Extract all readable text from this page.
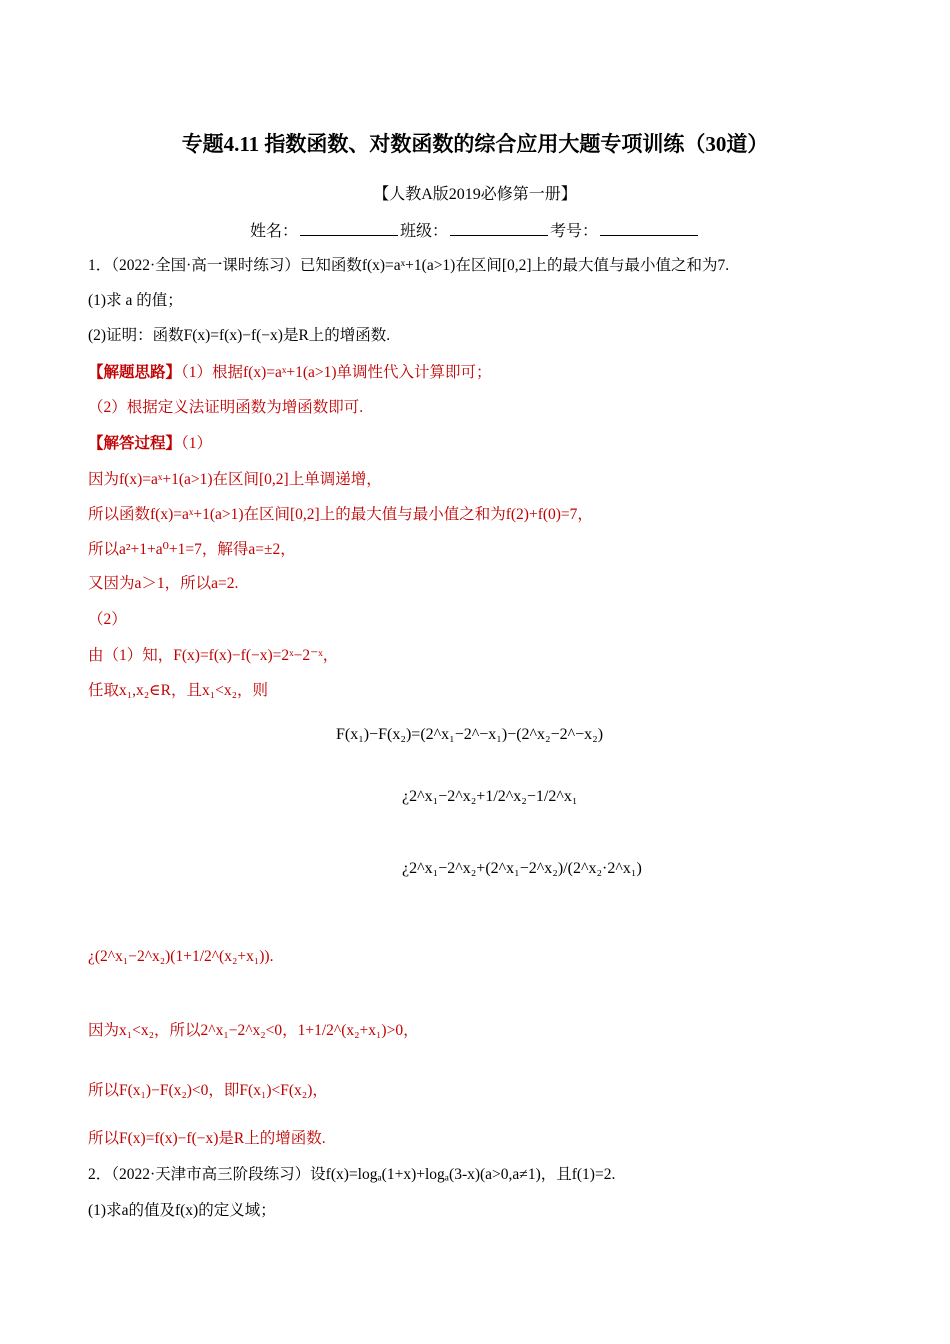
专题4.11 指数函数、对数函数的综合应用大题专项训练（30道）
【人教A版2019必修第一册】
姓名：	班级：	考号：
1．（2022·全国·高一课时练习）已知函数f(x)=aˣ+1(a>1)在区间[0,2]上的最大值与最小值之和为7.
(1)求 a 的值；
(2)证明：函数F(x)=f(x)−f(−x)是R上的增函数.
【解题思路】（1）根据f(x)=aˣ+1(a>1)单调性代入计算即可；
（2）根据定义法证明函数为增函数即可.
【解答过程】（1）
因为f(x)=aˣ+1(a>1)在区间[0,2]上单调递增，
所以函数f(x)=aˣ+1(a>1)在区间[0,2]上的最大值与最小值之和为f(2)+f(0)=7，
所以a²+1+a⁰+1=7，解得a=±2，
又因为a＞1，所以a=2.
（2）
由（1）知，F(x)=f(x)−f(−x)=2ˣ−2⁻ˣ，
任取x₁,x₂∈R，且x₁<x₂，则
F(x₁)−F(x₂)=(2^x₁−2^−x₁)−(2^x₂−2^−x₂)
¿2^x₁−2^x₂+1/2^x₂−1/2^x₁
¿2^x₁−2^x₂+(2^x₁−2^x₂)/(2^x₂·2^x₁)
¿(2^x₁−2^x₂)(1+1/2^(x₂+x₁)).
因为x₁<x₂，所以2^x₁−2^x₂<0，1+1/2^(x₂+x₁)>0，
所以F(x₁)−F(x₂)<0，即F(x₁)<F(x₂)，
所以F(x)=f(x)−f(−x)是R上的增函数.
2．（2022·天津市高三阶段练习）设f(x)=logₐ(1+x)+logₐ(3-x)(a>0,a≠1)，且f(1)=2.
(1)求a的值及f(x)的定义域；
